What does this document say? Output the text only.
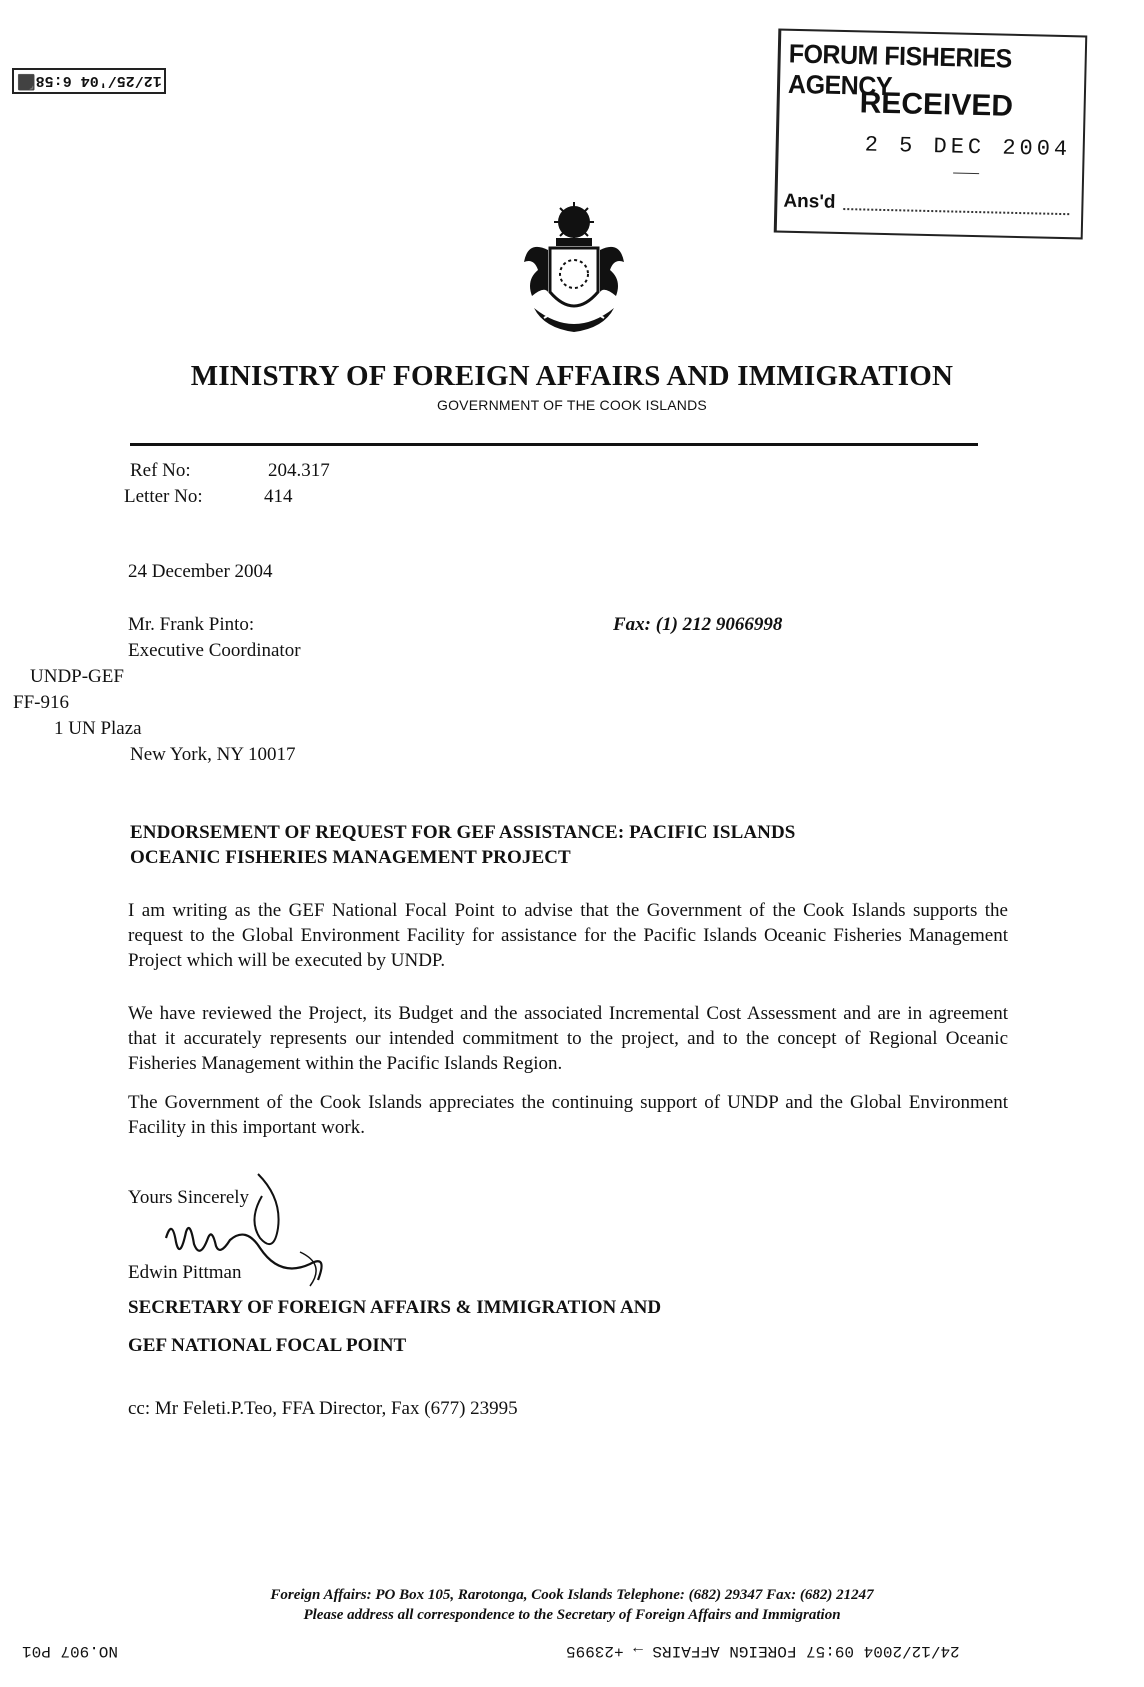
12/25/'04 6:58⬛
FORUM FISHERIES AGENCY
RECEIVED
2 5 DEC 2004
Ans'd
MINISTRY OF FOREIGN AFFAIRS AND IMMIGRATION
GOVERNMENT OF THE COOK ISLANDS
Ref No:	204.317
Letter No:	414
24 December 2004
Mr. Frank Pinto:	Fax: (1) 212 9066998
Executive Coordinator
UNDP-GEF
FF-916
1 UN Plaza
New York, NY 10017
ENDORSEMENT OF REQUEST FOR GEF ASSISTANCE: PACIFIC ISLANDS
OCEANIC FISHERIES MANAGEMENT PROJECT
I am writing as the GEF National Focal Point to advise that the Government of the Cook Islands supports the request to the Global Environment Facility for assistance for the Pacific Islands Oceanic Fisheries Management Project which will be executed by UNDP.
We have reviewed the Project, its Budget and the associated Incremental Cost Assessment and are in agreement that it accurately represents our intended commitment to the project, and to the concept of Regional Oceanic Fisheries Management within the Pacific Islands Region.
The Government of the Cook Islands appreciates the continuing support of UNDP and the Global Environment Facility in this important work.
Yours Sincerely
Edwin Pittman
SECRETARY OF FOREIGN AFFAIRS & IMMIGRATION AND
GEF NATIONAL FOCAL POINT
cc: Mr Feleti.P.Teo, FFA Director, Fax (677) 23995
Foreign Affairs: PO Box 105, Rarotonga, Cook Islands Telephone: (682) 29347 Fax: (682) 21247
Please address all correspondence to the Secretary of Foreign Affairs and Immigration
NO.907 P01	24/12/2004 09:57 FOREIGN AFFAIRS → +23995
